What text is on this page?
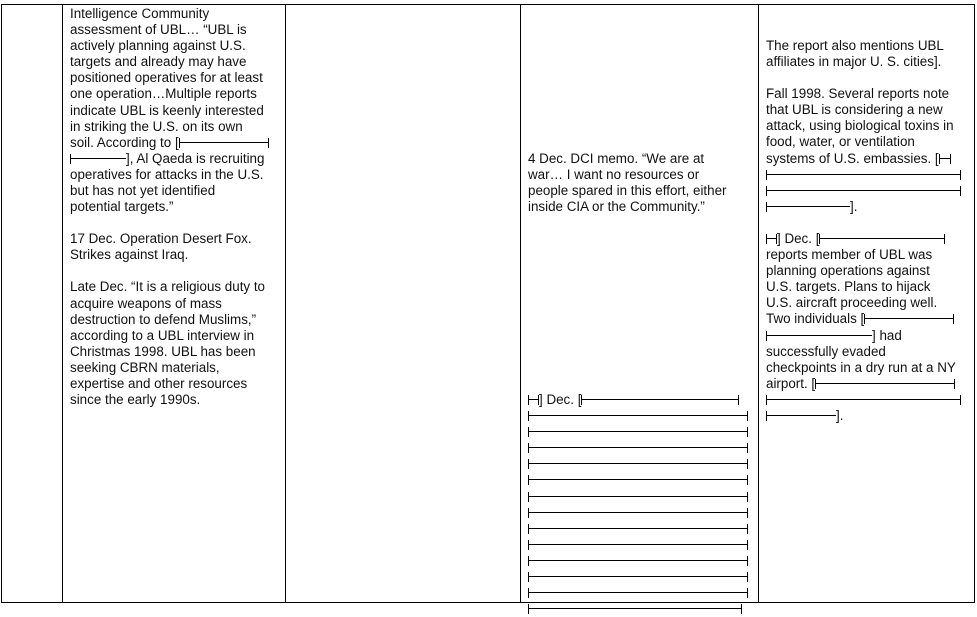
Intelligence Community
assessment of UBL… “UBL is
actively planning against U.S.
targets and already may have
positioned operatives for at least
one operation…Multiple reports
indicate UBL is keenly interested
in striking the U.S. on its own
soil. According to [
], Al Qaeda is recruiting
operatives for attacks in the U.S.
but has not yet identified
potential targets.”
17 Dec. Operation Desert Fox.
Strikes against Iraq.
Late Dec. “It is a religious duty to
acquire weapons of mass
destruction to defend Muslims,”
according to a UBL interview in
Christmas 1998. UBL has been
seeking CBRN materials,
expertise and other resources
since the early 1990s.
4 Dec. DCI memo. “We are at
war… I want no resources or
people spared in this effort, either
inside CIA or the Community.”
] Dec. [
The report also mentions UBL
affiliates in major U. S. cities].
Fall 1998. Several reports note
that UBL is considering a new
attack, using biological toxins in
food, water, or ventilation
systems of U.S. embassies. [
].
] Dec. [
reports member of UBL was
planning operations against
U.S. targets. Plans to hijack
U.S. aircraft proceeding well.
Two individuals [
] had
successfully evaded
checkpoints in a dry run at a NY
airport. [
].
